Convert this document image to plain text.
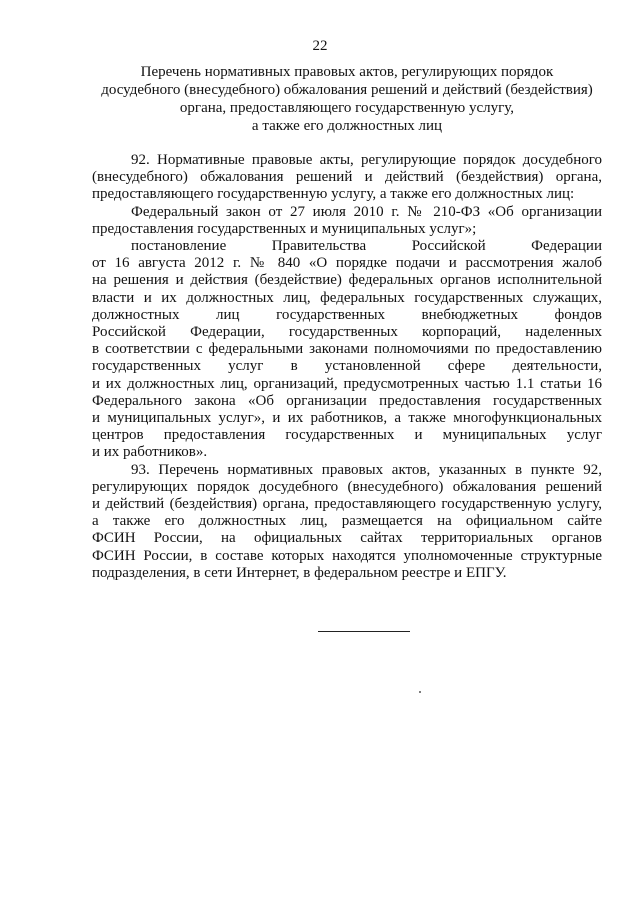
22
Перечень нормативных правовых актов, регулирующих порядок
досудебного (внесудебного) обжалования решений и действий (бездействия)
органа, предоставляющего государственную услугу,
а также его должностных лиц
92. Нормативные правовые акты, регулирующие порядок досудебного
(внесудебного) обжалования решений и действий (бездействия) органа,
предоставляющего государственную услугу, а также его должностных лиц:
Федеральный закон от 27 июля 2010 г. № 210-ФЗ «Об организации
предоставления государственных и муниципальных услуг»;
постановление Правительства Российской Федерации
от 16 августа 2012 г. № 840 «О порядке подачи и рассмотрения жалоб
на решения и действия (бездействие) федеральных органов исполнительной
власти и их должностных лиц, федеральных государственных служащих,
должностных лиц государственных внебюджетных фондов
Российской Федерации, государственных корпораций, наделенных
в соответствии с федеральными законами полномочиями по предоставлению
государственных услуг в установленной сфере деятельности,
и их должностных лиц, организаций, предусмотренных частью 1.1 статьи 16
Федерального закона «Об организации предоставления государственных
и муниципальных услуг», и их работников, а также многофункциональных
центров предоставления государственных и муниципальных услуг
и их работников».
93. Перечень нормативных правовых актов, указанных в пункте 92,
регулирующих порядок досудебного (внесудебного) обжалования решений
и действий (бездействия) органа, предоставляющего государственную услугу,
а также его должностных лиц, размещается на официальном сайте
ФСИН России, на официальных сайтах территориальных органов
ФСИН России, в составе которых находятся уполномоченные структурные
подразделения, в сети Интернет, в федеральном реестре и ЕПГУ.
